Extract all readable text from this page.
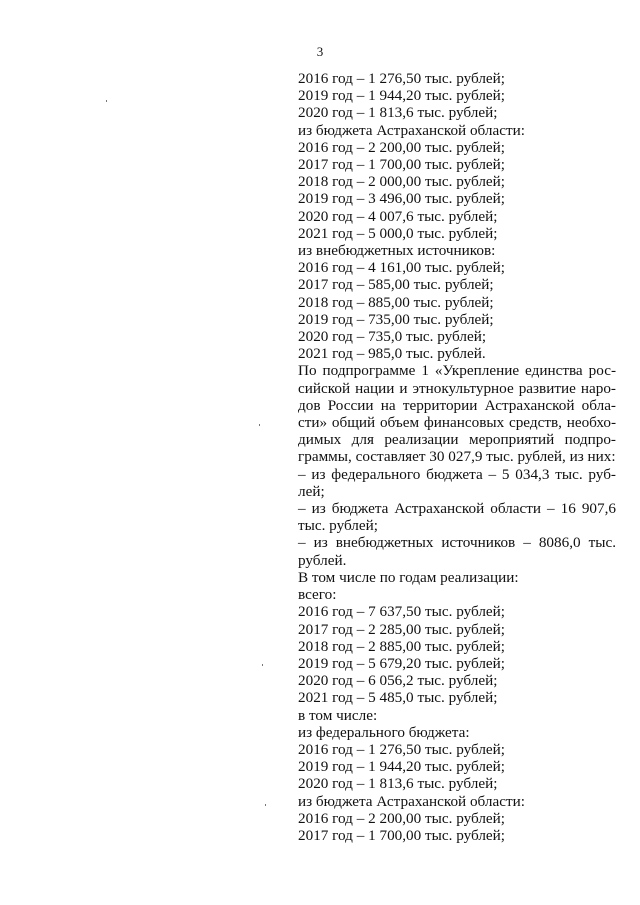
3

2016 год – 1 276,50 тыс. рублей;

2019 год – 1 944,20 тыс. рублей;

2020 год – 1 813,6 тыс. рублей;

из бюджета Астраханской области:

2016 год – 2 200,00 тыс. рублей;

2017 год – 1 700,00 тыс. рублей;

2018 год – 2 000,00 тыс. рублей;

2019 год – 3 496,00 тыс. рублей;

2020 год – 4 007,6 тыс. рублей;

2021 год – 5 000,0 тыс. рублей;

из внебюджетных источников:

2016 год – 4 161,00 тыс. рублей;

2017 год – 585,00 тыс. рублей;

2018 год – 885,00 тыс. рублей;

2019 год – 735,00 тыс. рублей;

2020 год – 735,0 тыс. рублей;

2021 год – 985,0 тыс. рублей.

По подпрограмме 1 «Укрепление единства рос-

сийской нации и этнокультурное развитие наро-

дов России на территории Астраханской обла-

сти» общий объем финансовых средств, необхо-

димых для реализации мероприятий подпро-

граммы, составляет 30 027,9 тыс. рублей, из них:

– из федерального бюджета – 5 034,3 тыс. руб-

лей;

– из бюджета Астраханской области – 16 907,6

тыс. рублей;

– из внебюджетных источников – 8086,0 тыс.

рублей.

В том числе по годам реализации:

всего:

2016 год – 7 637,50 тыс. рублей;

2017 год – 2 285,00 тыс. рублей;

2018 год – 2 885,00 тыс. рублей;

2019 год – 5 679,20 тыс. рублей;

2020 год – 6 056,2 тыс. рублей;

2021 год – 5 485,0 тыс. рублей;

в том числе:

из федерального бюджета:

2016 год – 1 276,50 тыс. рублей;

2019 год – 1 944,20 тыс. рублей;

2020 год – 1 813,6 тыс. рублей;

из бюджета Астраханской области:

2016 год – 2 200,00 тыс. рублей;

2017 год – 1 700,00 тыс. рублей;
